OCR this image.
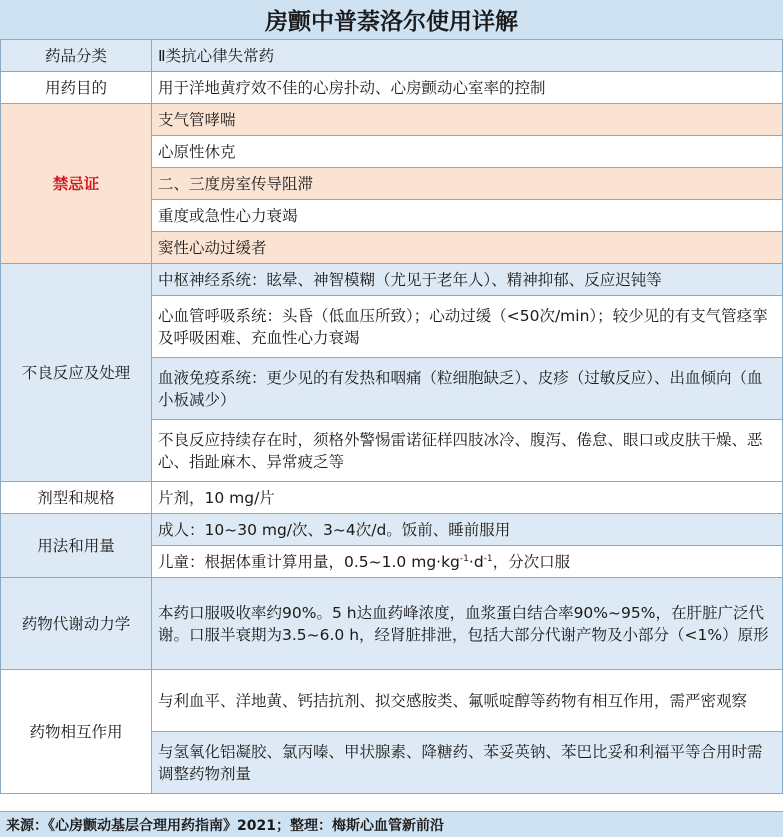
房颤中普萘洛尔使用详解
药品分类	Ⅱ类抗心律失常药
用药目的	用于洋地黄疗效不佳的心房扑动、心房颤动心室率的控制
禁忌证	支气管哮喘
	心原性休克
	二、三度房室传导阻滞
	重度或急性心力衰竭
	窦性心动过缓者
不良反应及处理	中枢神经系统：眩晕、神智模糊（尤见于老年人）、精神抑郁、反应迟钝等
	心血管呼吸系统：头昏（低血压所致）；心动过缓（<50次/min）；较少见的有支气管痉挛及呼吸困难、充血性心力衰竭
	血液免疫系统：更少见的有发热和咽痛（粒细胞缺乏）、皮疹（过敏反应）、出血倾向（血小板减少）
	不良反应持续存在时，须格外警惕雷诺征样四肢冰冷、腹泻、倦怠、眼口或皮肤干燥、恶心、指趾麻木、异常疲乏等
剂型和规格	片剂，10 mg/片
用法和用量	成人：10~30 mg/次、3~4次/d。饭前、睡前服用
	儿童：根据体重计算用量，0.5~1.0 $mg\cdot kg^{-1}\cdot d^{-1}$，分次口服
药物代谢动力学	本药口服吸收率约90%。5 h达血药峰浓度，血浆蛋白结合率90%~95%，在肝脏广泛代谢。口服半衰期为3.5~6.0 h，经肾脏排泄，包括大部分代谢产物及小部分（<1%）原形
药物相互作用	与利血平、洋地黄、钙拮抗剂、拟交感胺类、氟哌啶醇等药物有相互作用，需严密观察
	与氢氧化铝凝胶、氯丙嗪、甲状腺素、降糖药、苯妥英钠、苯巴比妥和利福平等合用时需调整药物剂量
来源：《心房颤动基层合理用药指南》2021；整理：梅斯心血管新前沿
